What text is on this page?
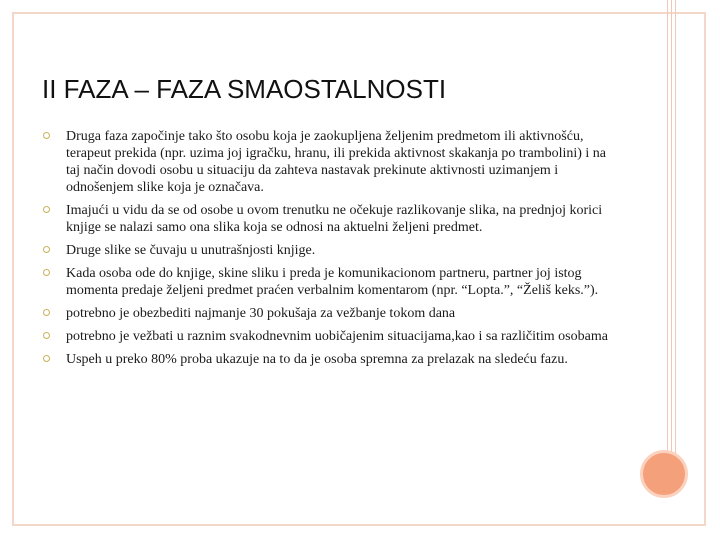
II FAZA – FAZA SMAOSTALNOSTI
Druga faza započinje tako što osobu koja je zaokupljena željenim predmetom ili aktivnošću, terapeut prekida (npr. uzima joj igračku, hranu, ili prekida aktivnost skakanja po trambolini) i na taj način dovodi osobu u situaciju da zahteva nastavak prekinute aktivnosti uzimanjem i odnošenjem slike koja je označava.
Imajući u vidu da se od osobe u ovom trenutku ne očekuje razlikovanje slika, na prednjoj korici knjige se nalazi samo ona slika koja se odnosi na aktuelni željeni predmet.
Druge slike se čuvaju u unutrašnjosti knjige.
Kada osoba ode do knjige, skine sliku i preda je komunikacionom partneru, partner joj istog momenta predaje željeni predmet praćen verbalnim komentarom (npr. “Lopta.”, “Želiš keks.”).
potrebno je obezbediti najmanje 30 pokušaja za vežbanje tokom dana
potrebno je vežbati u raznim svakodnevnim uobičajenim situacijama,kao i sa različitim osobama
Uspeh u preko 80% proba ukazuje na to da je osoba spremna za prelazak na sledeću fazu.
